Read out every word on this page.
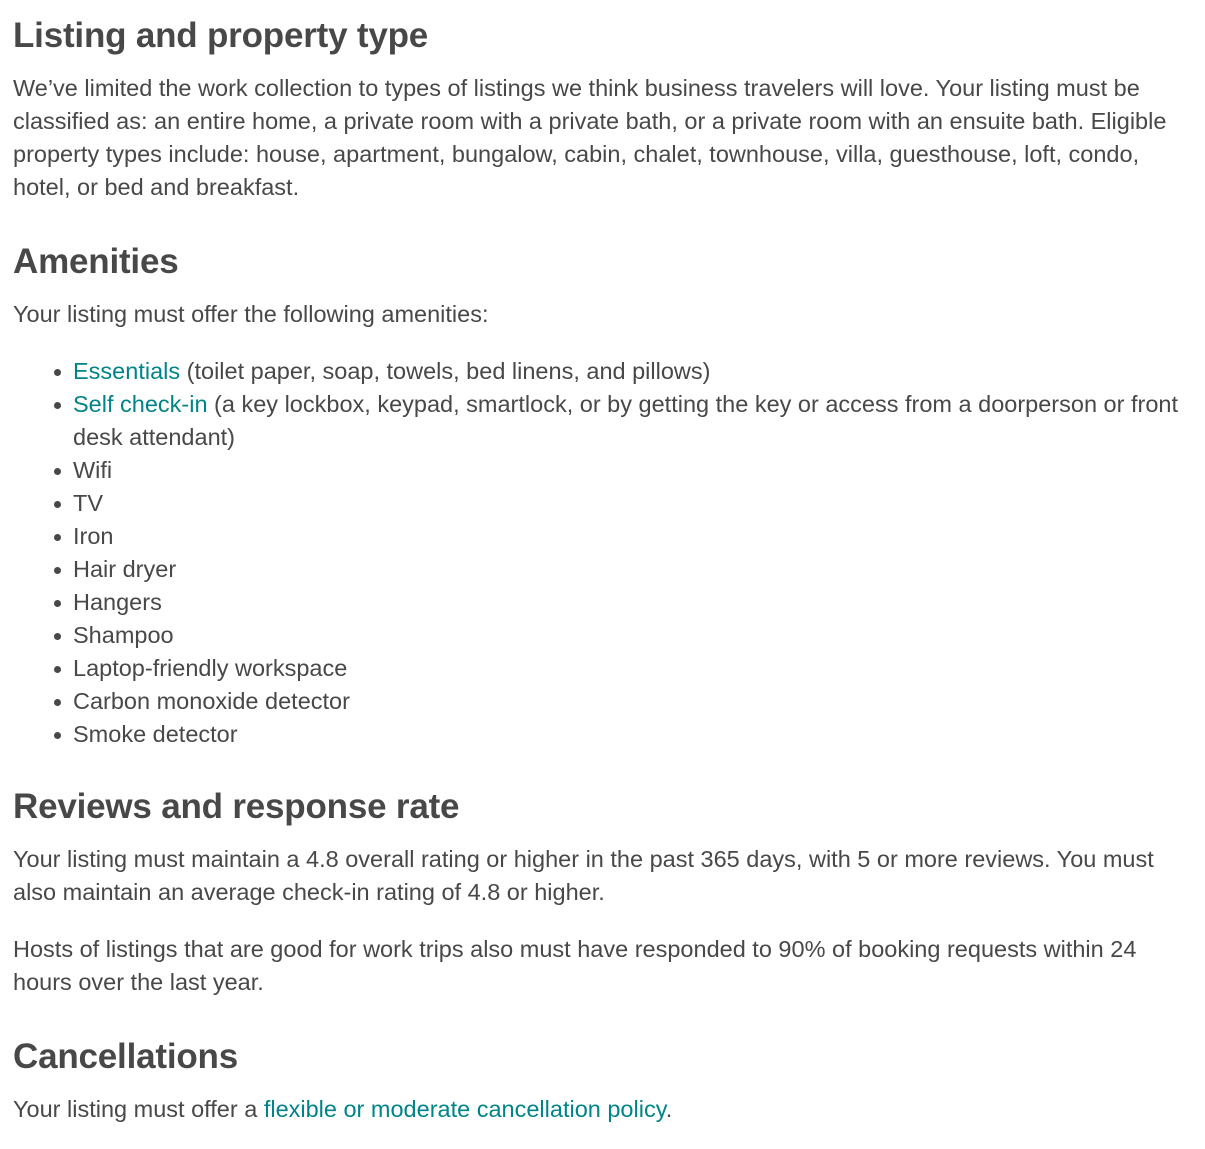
Listing and property type

We’ve limited the work collection to types of listings we think business travelers will love. Your listing must be classified as: an entire home, a private room with a private bath, or a private room with an ensuite bath. Eligible property types include: house, apartment, bungalow, cabin, chalet, townhouse, villa, guesthouse, loft, condo, hotel, or bed and breakfast.

Amenities

Your listing must offer the following amenities:

Essentials (toilet paper, soap, towels, bed linens, and pillows)
Self check-in (a key lockbox, keypad, smartlock, or by getting the key or access from a doorperson or front desk attendant)
Wifi
TV
Iron
Hair dryer
Hangers
Shampoo
Laptop-friendly workspace
Carbon monoxide detector
Smoke detector
Reviews and response rate

Your listing must maintain a 4.8 overall rating or higher in the past 365 days, with 5 or more reviews. You must also maintain an average check-in rating of 4.8 or higher.

Hosts of listings that are good for work trips also must have responded to 90% of booking requests within 24 hours over the last year.

Cancellations

Your listing must offer a flexible or moderate cancellation policy.
